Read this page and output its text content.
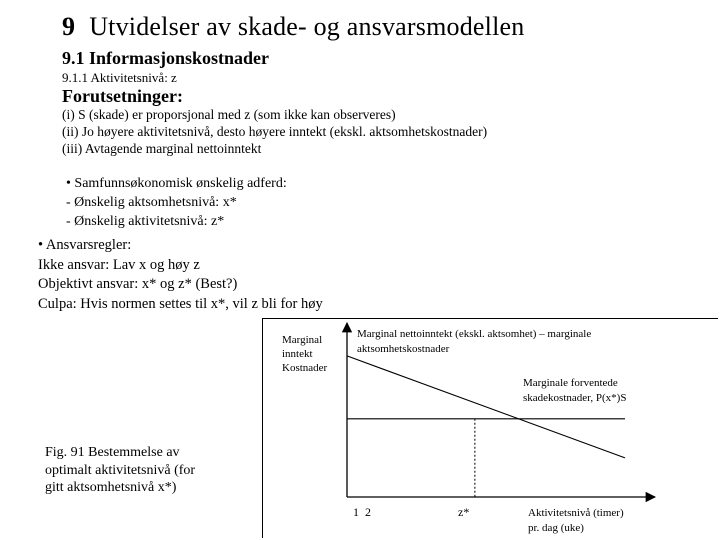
9 Utvidelser av skade- og ansvarsmodellen
9.1 Informasjonskostnader
9.1.1 Aktivitetsnivå: z
Forutsetninger:
(i) S (skade) er proporsjonal med z (som ikke kan observeres)
(ii) Jo høyere aktivitetsnivå, desto høyere inntekt (ekskl. aktsomhetskostnader)
(iii) Avtagende marginal nettoinntekt
• Samfunnsøkonomisk ønskelig adferd:
- Ønskelig aktsomhetsnivå: x*
- Ønskelig aktivitetsnivå: z*
• Ansvarsregler:
Ikke ansvar: Lav x og høy z
Objektivt ansvar: x* og z* (Best?)
Culpa: Hvis normen settes til x*, vil z bli for høy
Fig. 91 Bestemmelse av
optimalt aktivitetsnivå (for
gitt aktsomhetsnivå x*)
Marginal
inntekt
Kostnader
Marginal nettoinntekt (ekskl. aktsomhet) – marginale
aktsomhetskostnader
Marginale forventede
skadekostnader, P(x*)S
1 2	z*	Aktivitetsnivå (timer)
pr. dag (uke)
